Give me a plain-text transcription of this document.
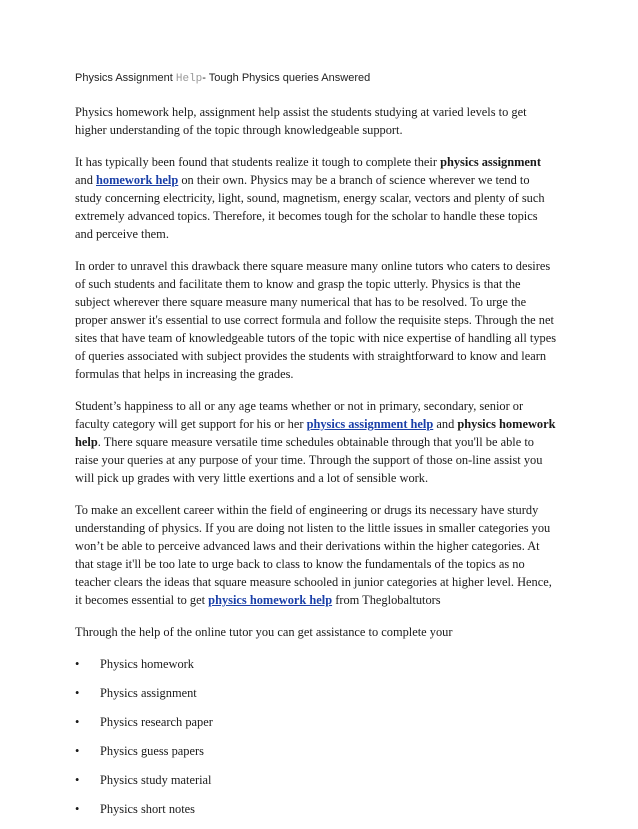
Physics Assignment Help- Tough Physics queries Answered

Physics homework help, assignment help assist the students studying at varied levels to get
higher understanding of the topic through knowledgeable support.

It has typically been found that students realize it tough to complete their physics assignment
and homework help on their own. Physics may be a branch of science wherever we tend to
study concerning electricity, light, sound, magnetism, energy scalar, vectors and plenty of such
extremely advanced topics. Therefore, it becomes tough for the scholar to handle these topics
and perceive them.

In order to unravel this drawback there square measure many online tutors who caters to desires
of such students and facilitate them to know and grasp the topic utterly. Physics is that the
subject wherever there square measure many numerical that has to be resolved. To urge the
proper answer it's essential to use correct formula and follow the requisite steps. Through the net
sites that have team of knowledgeable tutors of the topic with nice expertise of handling all types
of queries associated with subject provides the students with straightforward to know and learn
formulas that helps in increasing the grades.

Student’s happiness to all or any age teams whether or not in primary, secondary, senior or
faculty category will get support for his or her physics assignment help and physics homework
help. There square measure versatile time schedules obtainable through that you'll be able to
raise your queries at any purpose of your time. Through the support of those on-line assist you
will pick up grades with very little exertions and a lot of sensible work.

To make an excellent career within the field of engineering or drugs its necessary have sturdy
understanding of physics. If you are doing not listen to the little issues in smaller categories you
won’t be able to perceive advanced laws and their derivations within the higher categories. At
that stage it'll be too late to urge back to class to know the fundamentals of the topics as no
teacher clears the ideas that square measure schooled in junior categories at higher level. Hence,
it becomes essential to get physics homework help from Theglobaltutors

Through the help of the online tutor you can get assistance to complete your

• Physics homework
• Physics assignment
• Physics research paper
• Physics guess papers
• Physics study material
• Physics short notes
